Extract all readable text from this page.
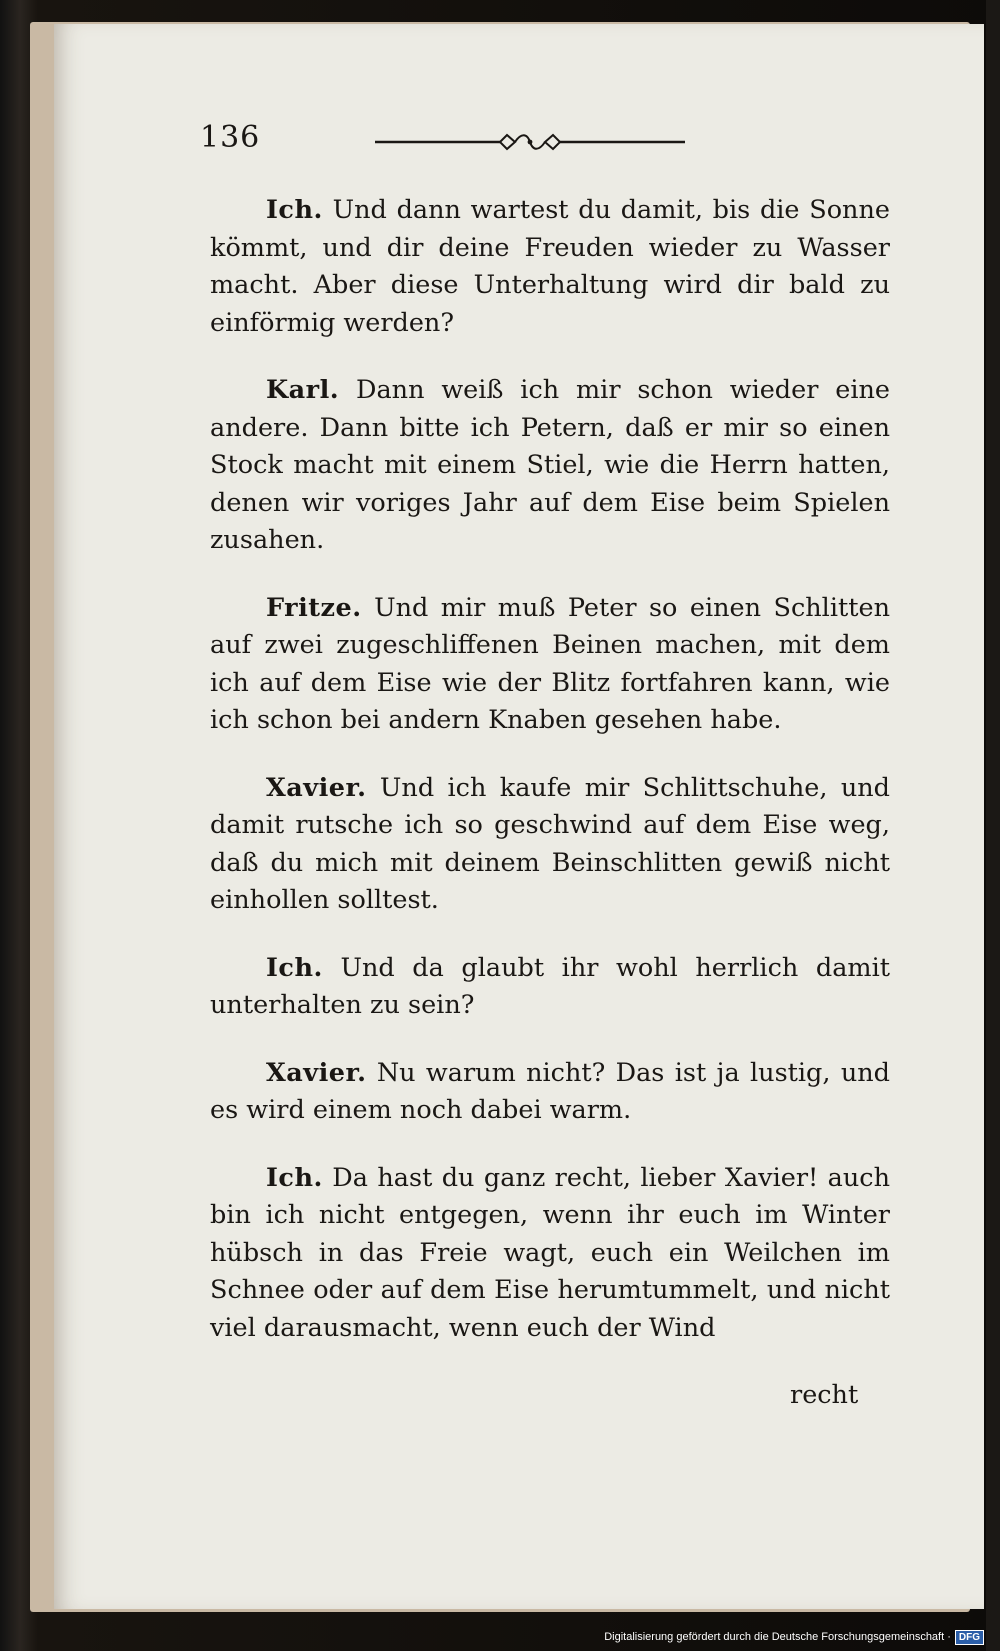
136

Ich. Und dann wartest du damit, bis die Sonne kömmt, und dir deine Freuden wieder zu Wasser macht. Aber diese Unterhaltung wird dir bald zu einförmig werden?

Karl. Dann weiß ich mir schon wieder eine andere. Dann bitte ich Petern, daß er mir so einen Stock macht mit einem Stiel, wie die Herrn hatten, denen wir voriges Jahr auf dem Eise beim Spielen zusahen.

Fritze. Und mir muß Peter so einen Schlitten auf zwei zugeschliffenen Beinen machen, mit dem ich auf dem Eise wie der Blitz fortfahren kann, wie ich schon bei andern Knaben gesehen habe.

Xavier. Und ich kaufe mir Schlittschuhe, und damit rutsche ich so geschwind auf dem Eise weg, daß du mich mit deinem Beinschlitten gewiß nicht einhollen solltest.

Ich. Und da glaubt ihr wohl herrlich damit unterhalten zu sein?

Xavier. Nu warum nicht? Das ist ja lustig, und es wird einem noch dabei warm.

Ich. Da hast du ganz recht, lieber Xavier! auch bin ich nicht entgegen, wenn ihr euch im Winter hübsch in das Freie wagt, euch ein Weilchen im Schnee oder auf dem Eise herumtummelt, und nicht viel darausmacht, wenn euch der Wind

recht
Digitalisierung gefördert durch die Deutsche Forschungsgemeinschaft · DFG
